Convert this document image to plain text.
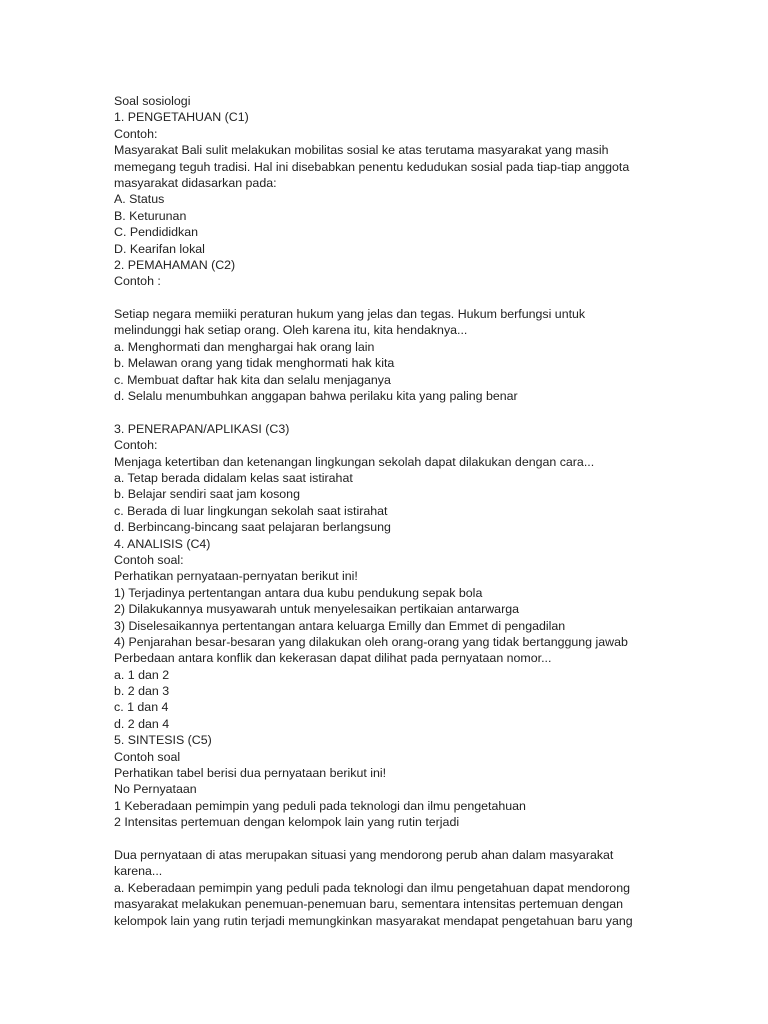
Soal sosiologi
1. PENGETAHUAN (C1)
Contoh:
Masyarakat Bali sulit melakukan mobilitas sosial ke atas terutama masyarakat yang masih
memegang teguh tradisi. Hal ini disebabkan penentu kedudukan sosial pada tiap-tiap anggota
masyarakat didasarkan pada:
A. Status
B. Keturunan
C. Pendididkan
D. Kearifan lokal
2. PEMAHAMAN (C2)
Contoh :
Setiap negara memiiki peraturan hukum yang jelas dan tegas. Hukum berfungsi untuk
melindunggi hak setiap orang. Oleh karena itu, kita hendaknya...
a. Menghormati dan menghargai hak orang lain
b. Melawan orang yang tidak menghormati hak kita
c. Membuat daftar hak kita dan selalu menjaganya
d. Selalu menumbuhkan anggapan bahwa perilaku kita yang paling benar
3. PENERAPAN/APLIKASI (C3)
Contoh:
Menjaga ketertiban dan ketenangan lingkungan sekolah dapat dilakukan dengan cara...
a. Tetap berada didalam kelas saat istirahat
b. Belajar sendiri saat jam kosong
c. Berada di luar lingkungan sekolah saat istirahat
d. Berbincang-bincang saat pelajaran berlangsung
4. ANALISIS (C4)
Contoh soal:
Perhatikan pernyataan-pernyatan berikut ini!
1) Terjadinya pertentangan antara dua kubu pendukung sepak bola
2) Dilakukannya musyawarah untuk menyelesaikan pertikaian antarwarga
3) Diselesaikannya pertentangan antara keluarga Emilly dan Emmet di pengadilan
4) Penjarahan besar-besaran yang dilakukan oleh orang-orang yang tidak bertanggung jawab
Perbedaan antara konflik dan kekerasan dapat dilihat pada pernyataan nomor...
a. 1 dan 2
b. 2 dan 3
c. 1 dan 4
d. 2 dan 4
5. SINTESIS (C5)
Contoh soal
Perhatikan tabel berisi dua pernyataan berikut ini!
No Pernyataan
1 Keberadaan pemimpin yang peduli pada teknologi dan ilmu pengetahuan
2 Intensitas pertemuan dengan kelompok lain yang rutin terjadi
Dua pernyataan di atas merupakan situasi yang mendorong perub ahan dalam masyarakat
karena...
a. Keberadaan pemimpin yang peduli pada teknologi dan ilmu pengetahuan dapat mendorong
masyarakat melakukan penemuan-penemuan baru, sementara intensitas pertemuan dengan
kelompok lain yang rutin terjadi memungkinkan masyarakat mendapat pengetahuan baru yang
